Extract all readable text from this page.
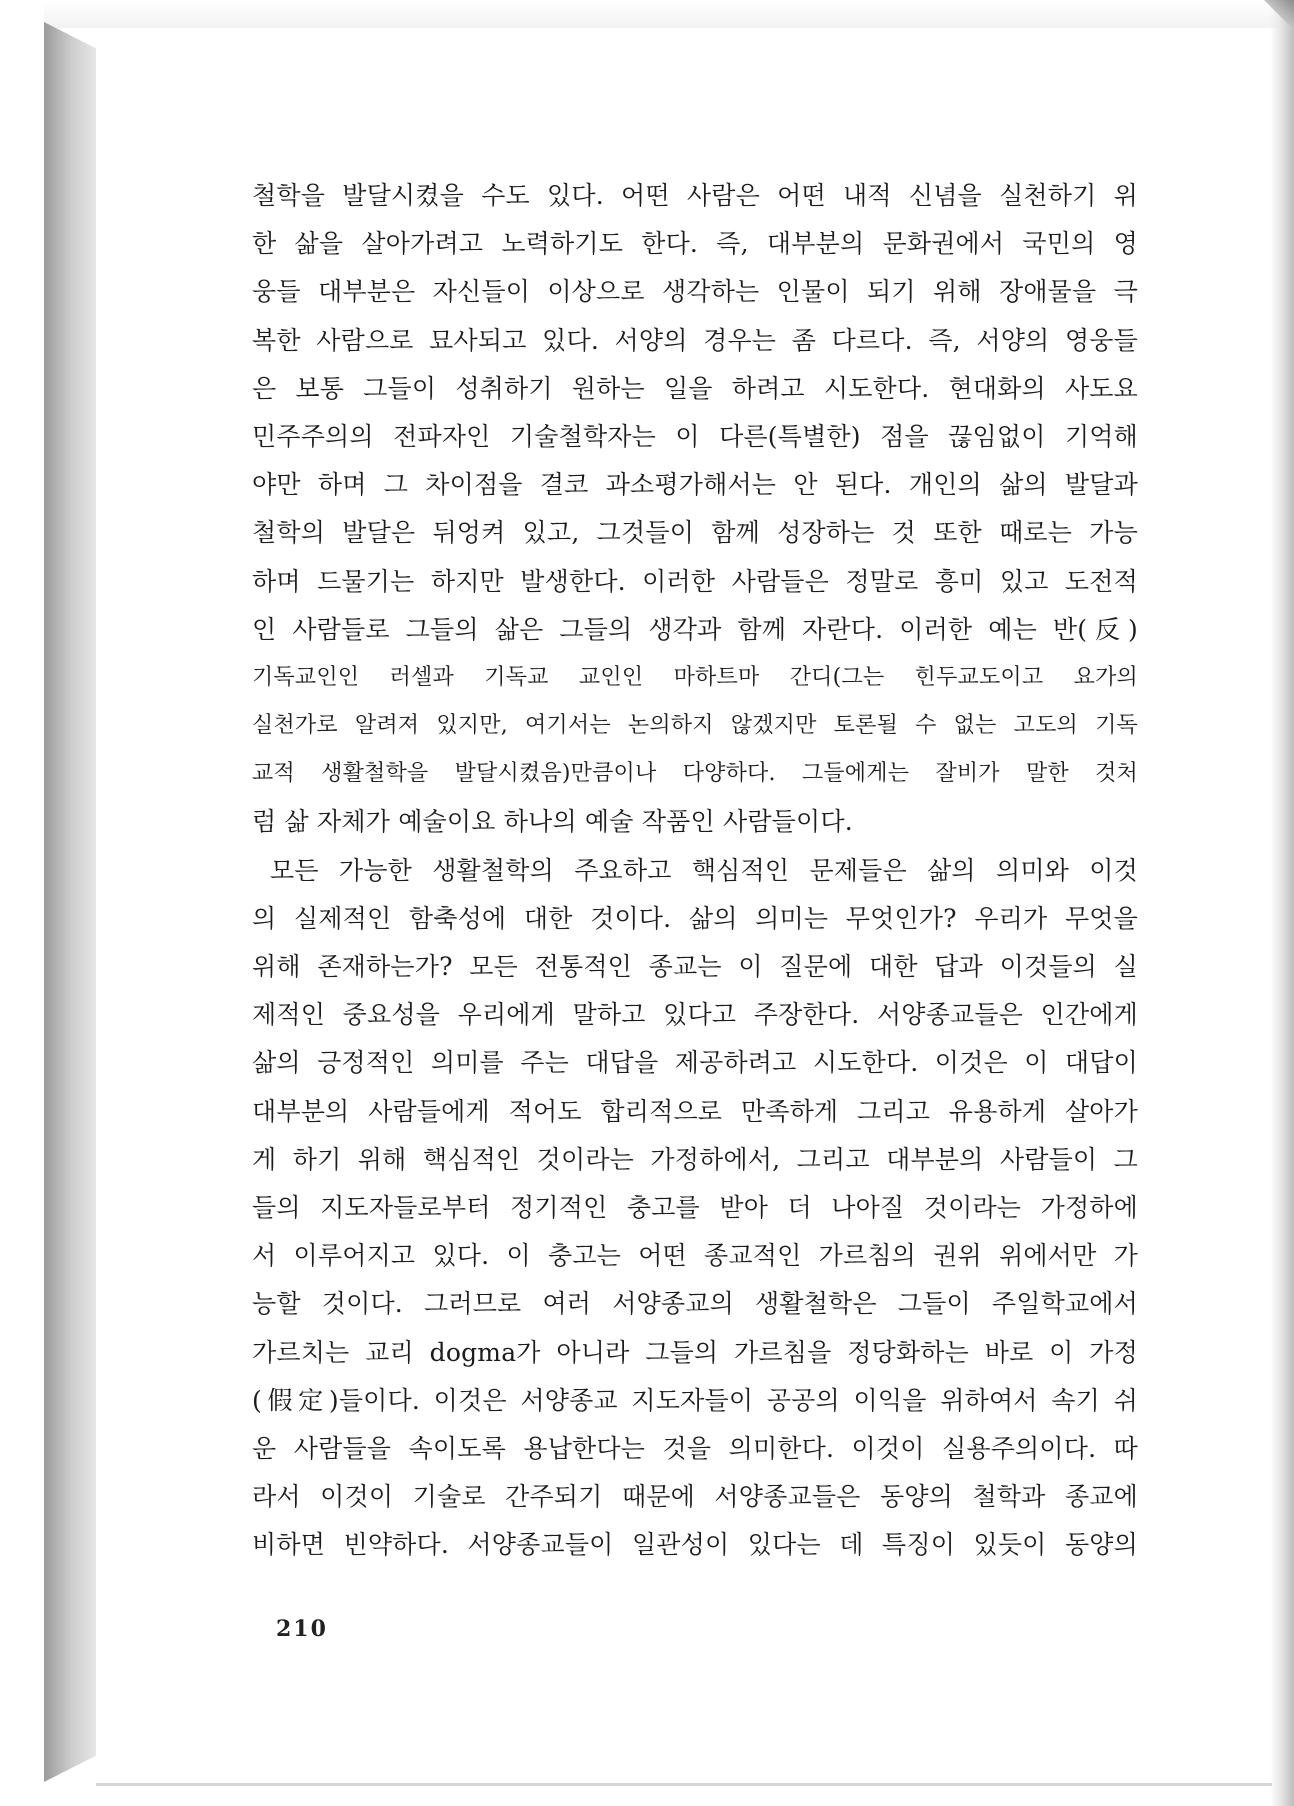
철학을 발달시켰을 수도 있다. 어떤 사람은 어떤 내적 신념을 실천하기 위
한 삶을 살아가려고 노력하기도 한다. 즉, 대부분의 문화권에서 국민의 영
웅들 대부분은 자신들이 이상으로 생각하는 인물이 되기 위해 장애물을 극
복한 사람으로 묘사되고 있다. 서양의 경우는 좀 다르다. 즉, 서양의 영웅들
은 보통 그들이 성취하기 원하는 일을 하려고 시도한다. 현대화의 사도요
민주주의의 전파자인 기술철학자는 이 다른(특별한) 점을 끊임없이 기억해
야만 하며 그 차이점을 결코 과소평가해서는 안 된다. 개인의 삶의 발달과
철학의 발달은 뒤엉켜 있고, 그것들이 함께 성장하는 것 또한 때로는 가능
하며 드물기는 하지만 발생한다. 이러한 사람들은 정말로 흥미 있고 도전적
인 사람들로 그들의 삶은 그들의 생각과 함께 자란다. 이러한 예는 반(反)
기독교인인 러셀과 기독교 교인인 마하트마 간디(그는 힌두교도이고 요가의
실천가로 알려져 있지만, 여기서는 논의하지 않겠지만 토론될 수 없는 고도의 기독
교적 생활철학을 발달시켰음)만큼이나 다양하다. 그들에게는 잘비가 말한 것처
럼 삶 자체가 예술이요 하나의 예술 작품인 사람들이다.
모든 가능한 생활철학의 주요하고 핵심적인 문제들은 삶의 의미와 이것
의 실제적인 함축성에 대한 것이다. 삶의 의미는 무엇인가? 우리가 무엇을
위해 존재하는가? 모든 전통적인 종교는 이 질문에 대한 답과 이것들의 실
제적인 중요성을 우리에게 말하고 있다고 주장한다. 서양종교들은 인간에게
삶의 긍정적인 의미를 주는 대답을 제공하려고 시도한다. 이것은 이 대답이
대부분의 사람들에게 적어도 합리적으로 만족하게 그리고 유용하게 살아가
게 하기 위해 핵심적인 것이라는 가정하에서, 그리고 대부분의 사람들이 그
들의 지도자들로부터 정기적인 충고를 받아 더 나아질 것이라는 가정하에
서 이루어지고 있다. 이 충고는 어떤 종교적인 가르침의 권위 위에서만 가
능할 것이다. 그러므로 여러 서양종교의 생활철학은 그들이 주일학교에서
가르치는 교리 dogma가 아니라 그들의 가르침을 정당화하는 바로 이 가정
(假定)들이다. 이것은 서양종교 지도자들이 공공의 이익을 위하여서 속기 쉬
운 사람들을 속이도록 용납한다는 것을 의미한다. 이것이 실용주의이다. 따
라서 이것이 기술로 간주되기 때문에 서양종교들은 동양의 철학과 종교에
비하면 빈약하다. 서양종교들이 일관성이 있다는 데 특징이 있듯이 동양의
210
